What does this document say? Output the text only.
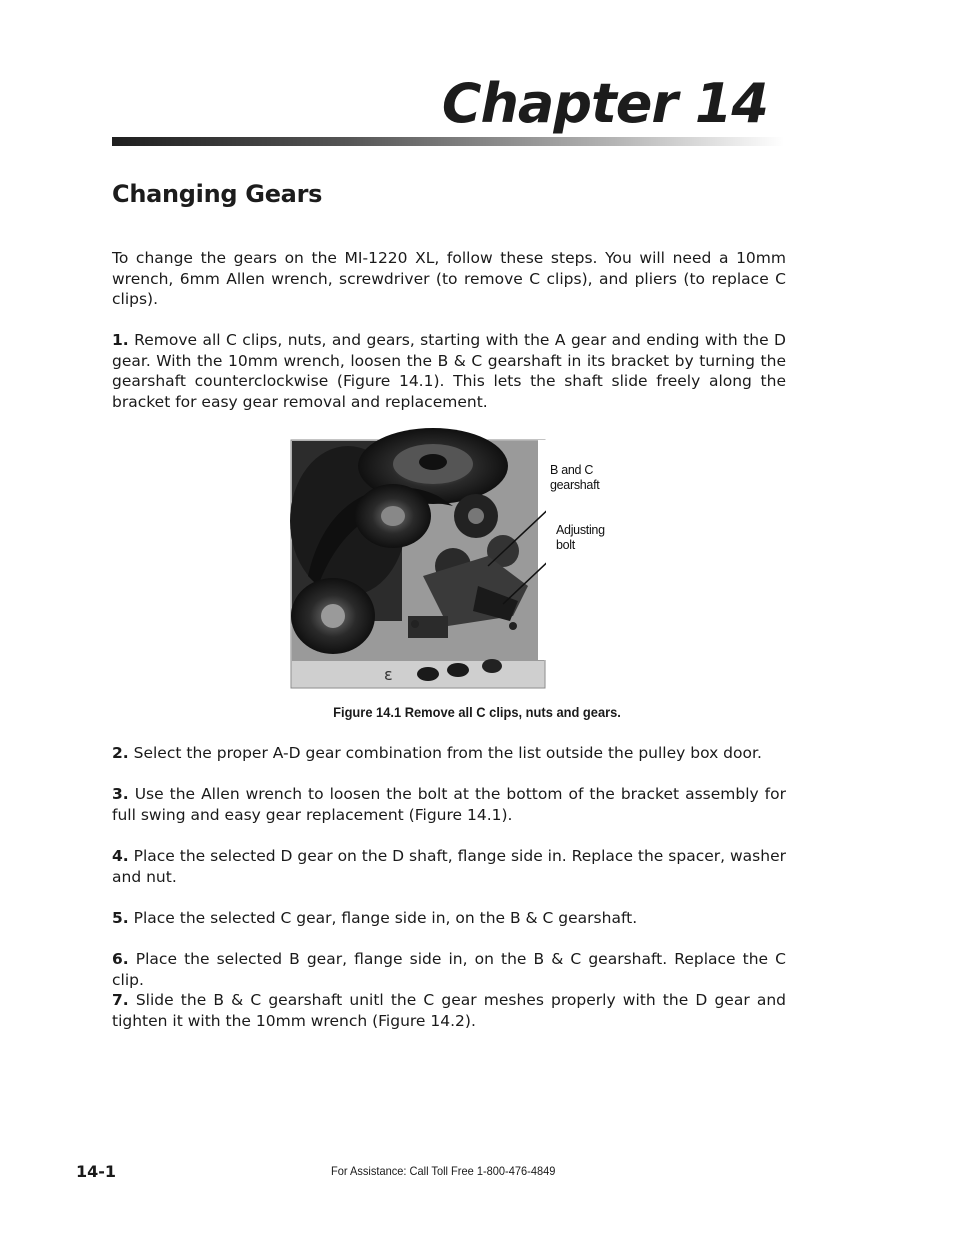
Chapter 14
Changing Gears

To change the gears on the MI-1220 XL, follow these steps. You will need a 10mm wrench, 6mm Allen wrench, screwdriver (to remove C clips), and pliers (to replace C clips).

1. Remove all C clips, nuts, and gears, starting with the A gear and ending with the D gear. With the 10mm wrench, loosen the B & C gearshaft in its bracket by turning the gearshaft counterclockwise (Figure 14.1). This lets the shaft slide freely along the bracket for easy gear removal and replacement.

ε
B and C gearshaft
Adjusting bolt

Figure 14.1 Remove all C clips, nuts and gears.

2. Select the proper A-D gear combination from the list outside the pulley box door.

3. Use the Allen wrench to loosen the bolt at the bottom of the bracket assembly for full swing and easy gear replacement (Figure 14.1).

4. Place the selected D gear on the D shaft, flange side in. Replace the spacer, washer and nut.

5. Place the selected C gear, flange side in, on the B & C gearshaft.

6. Place the selected B gear, flange side in, on the B & C gearshaft. Replace the C clip.

7. Slide the B & C gearshaft unitl the C gear meshes properly with the D gear and tighten it with the 10mm wrench (Figure 14.2).

14-1	For Assistance: Call Toll Free 1-800-476-4849
